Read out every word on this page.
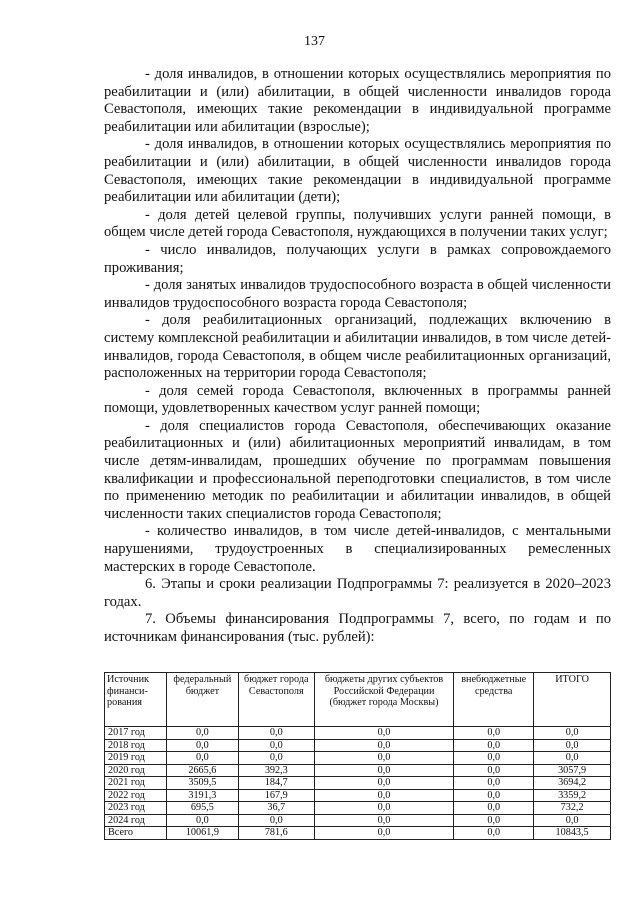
137

- доля инвалидов, в отношении которых осуществлялись мероприятия по реабилитации и (или) абилитации, в общей численности инвалидов города Севастополя, имеющих такие рекомендации в индивидуальной программе реабилитации или абилитации (взрослые);

- доля инвалидов, в отношении которых осуществлялись мероприятия по реабилитации и (или) абилитации, в общей численности инвалидов города Севастополя, имеющих такие рекомендации в индивидуальной программе реабилитации или абилитации (дети);

- доля детей целевой группы, получивших услуги ранней помощи, в общем числе детей города Севастополя, нуждающихся в получении таких услуг;

- число инвалидов, получающих услуги в рамках сопровождаемого проживания;

- доля занятых инвалидов трудоспособного возраста в общей численности инвалидов трудоспособного возраста города Севастополя;

- доля реабилитационных организаций, подлежащих включению в систему комплексной реабилитации и абилитации инвалидов, в том числе детей-инвалидов, города Севастополя, в общем числе реабилитационных организаций, расположенных на территории города Севастополя;

- доля семей города Севастополя, включенных в программы ранней помощи, удовлетворенных качеством услуг ранней помощи;

- доля специалистов города Севастополя, обеспечивающих оказание реабилитационных и (или) абилитационных мероприятий инвалидам, в том числе детям-инвалидам, прошедших обучение по программам повышения квалификации и профессиональной переподготовки специалистов, в том числе по применению методик по реабилитации и абилитации инвалидов, в общей численности таких специалистов города Севастополя;

- количество инвалидов, в том числе детей-инвалидов, с ментальными нарушениями, трудоустроенных в специализированных ремесленных мастерских в городе Севастополе.

6. Этапы и сроки реализации Подпрограммы 7: реализуется в 2020–2023 годах.

7. Объемы финансирования Подпрограммы 7, всего, по годам и по источникам финансирования (тыс. рублей):

Источник финанси-рования	федеральный бюджет	бюджет города Севастополя	бюджеты других субъектов Российской Федерации (бюджет города Москвы)	внебюджетные средства	ИТОГО
2017 год	0,0	0,0	0,0	0,0	0,0
2018 год	0,0	0,0	0,0	0,0	0,0
2019 год	0,0	0,0	0,0	0,0	0,0
2020 год	2665,6	392,3	0,0	0,0	3057,9
2021 год	3509,5	184,7	0,0	0,0	3694,2
2022 год	3191,3	167,9	0,0	0,0	3359,2
2023 год	695,5	36,7	0,0	0,0	732,2
2024 год	0,0	0,0	0,0	0,0	0,0
Всего	10061,9	781,6	0,0	0,0	10843,5
